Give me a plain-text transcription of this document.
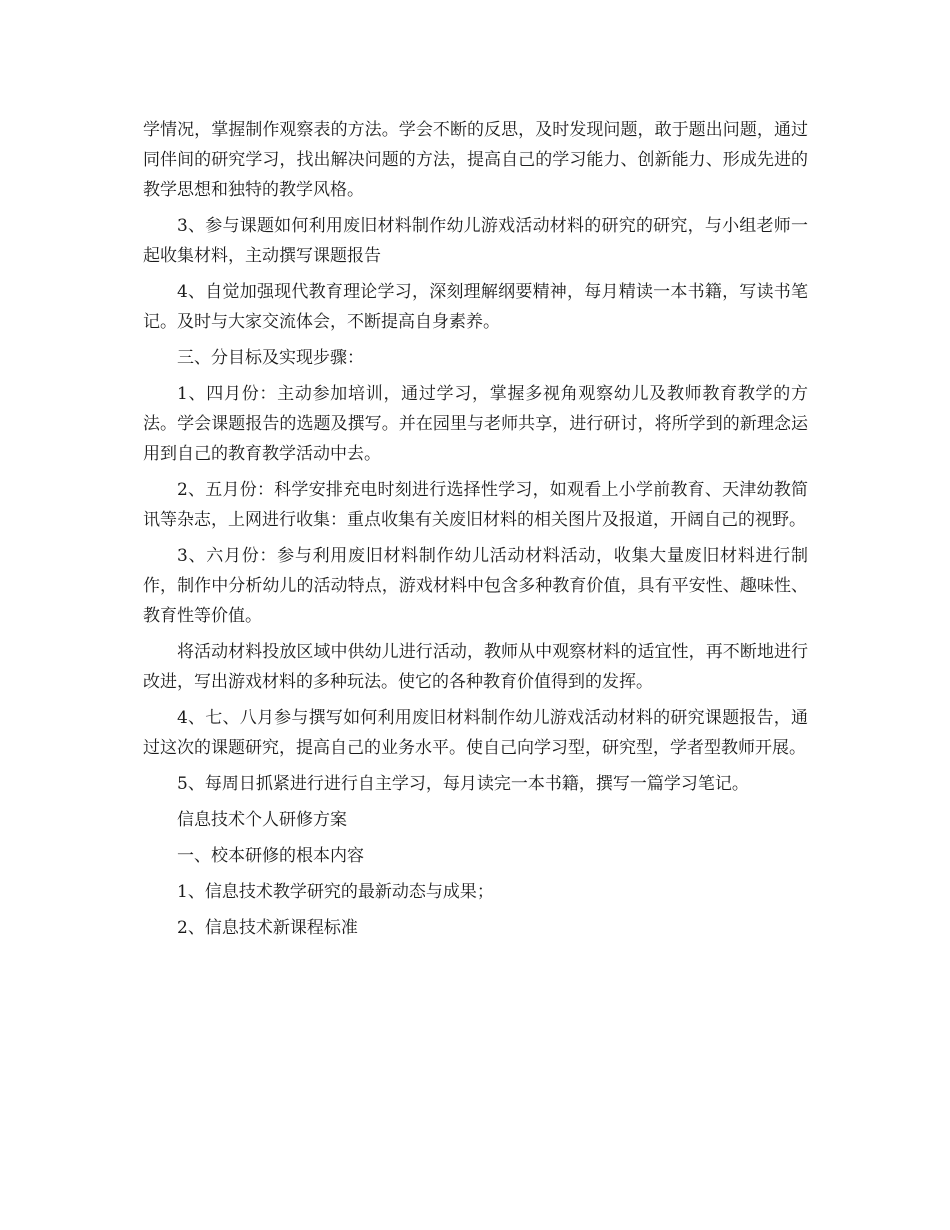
学情况，掌握制作观察表的方法。学会不断的反思，及时发现问题，敢于题出问题，通过同伴间的研究学习，找出解决问题的方法，提高自己的学习能力、创新能力、形成先进的教学思想和独特的教学风格。

3、参与课题如何利用废旧材料制作幼儿游戏活动材料的研究的研究，与小组老师一起收集材料，主动撰写课题报告

4、自觉加强现代教育理论学习，深刻理解纲要精神，每月精读一本书籍，写读书笔记。及时与大家交流体会，不断提高自身素养。

三、分目标及实现步骤：

1、四月份：主动参加培训，通过学习，掌握多视角观察幼儿及教师教育教学的方法。学会课题报告的选题及撰写。并在园里与老师共享，进行研讨，将所学到的新理念运用到自己的教育教学活动中去。

2、五月份：科学安排充电时刻进行选择性学习，如观看上小学前教育、天津幼教简讯等杂志，上网进行收集：重点收集有关废旧材料的相关图片及报道，开阔自己的视野。

3、六月份：参与利用废旧材料制作幼儿活动材料活动，收集大量废旧材料进行制作，制作中分析幼儿的活动特点，游戏材料中包含多种教育价值，具有平安性、趣味性、教育性等价值。

将活动材料投放区域中供幼儿进行活动，教师从中观察材料的适宜性，再不断地进行改进，写出游戏材料的多种玩法。使它的各种教育价值得到的发挥。

4、七、八月参与撰写如何利用废旧材料制作幼儿游戏活动材料的研究课题报告，通过这次的课题研究，提高自己的业务水平。使自己向学习型，研究型，学者型教师开展。

5、每周日抓紧进行进行自主学习，每月读完一本书籍，撰写一篇学习笔记。

信息技术个人研修方案

一、校本研修的根本内容

1、信息技术教学研究的最新动态与成果；

2、信息技术新课程标准
